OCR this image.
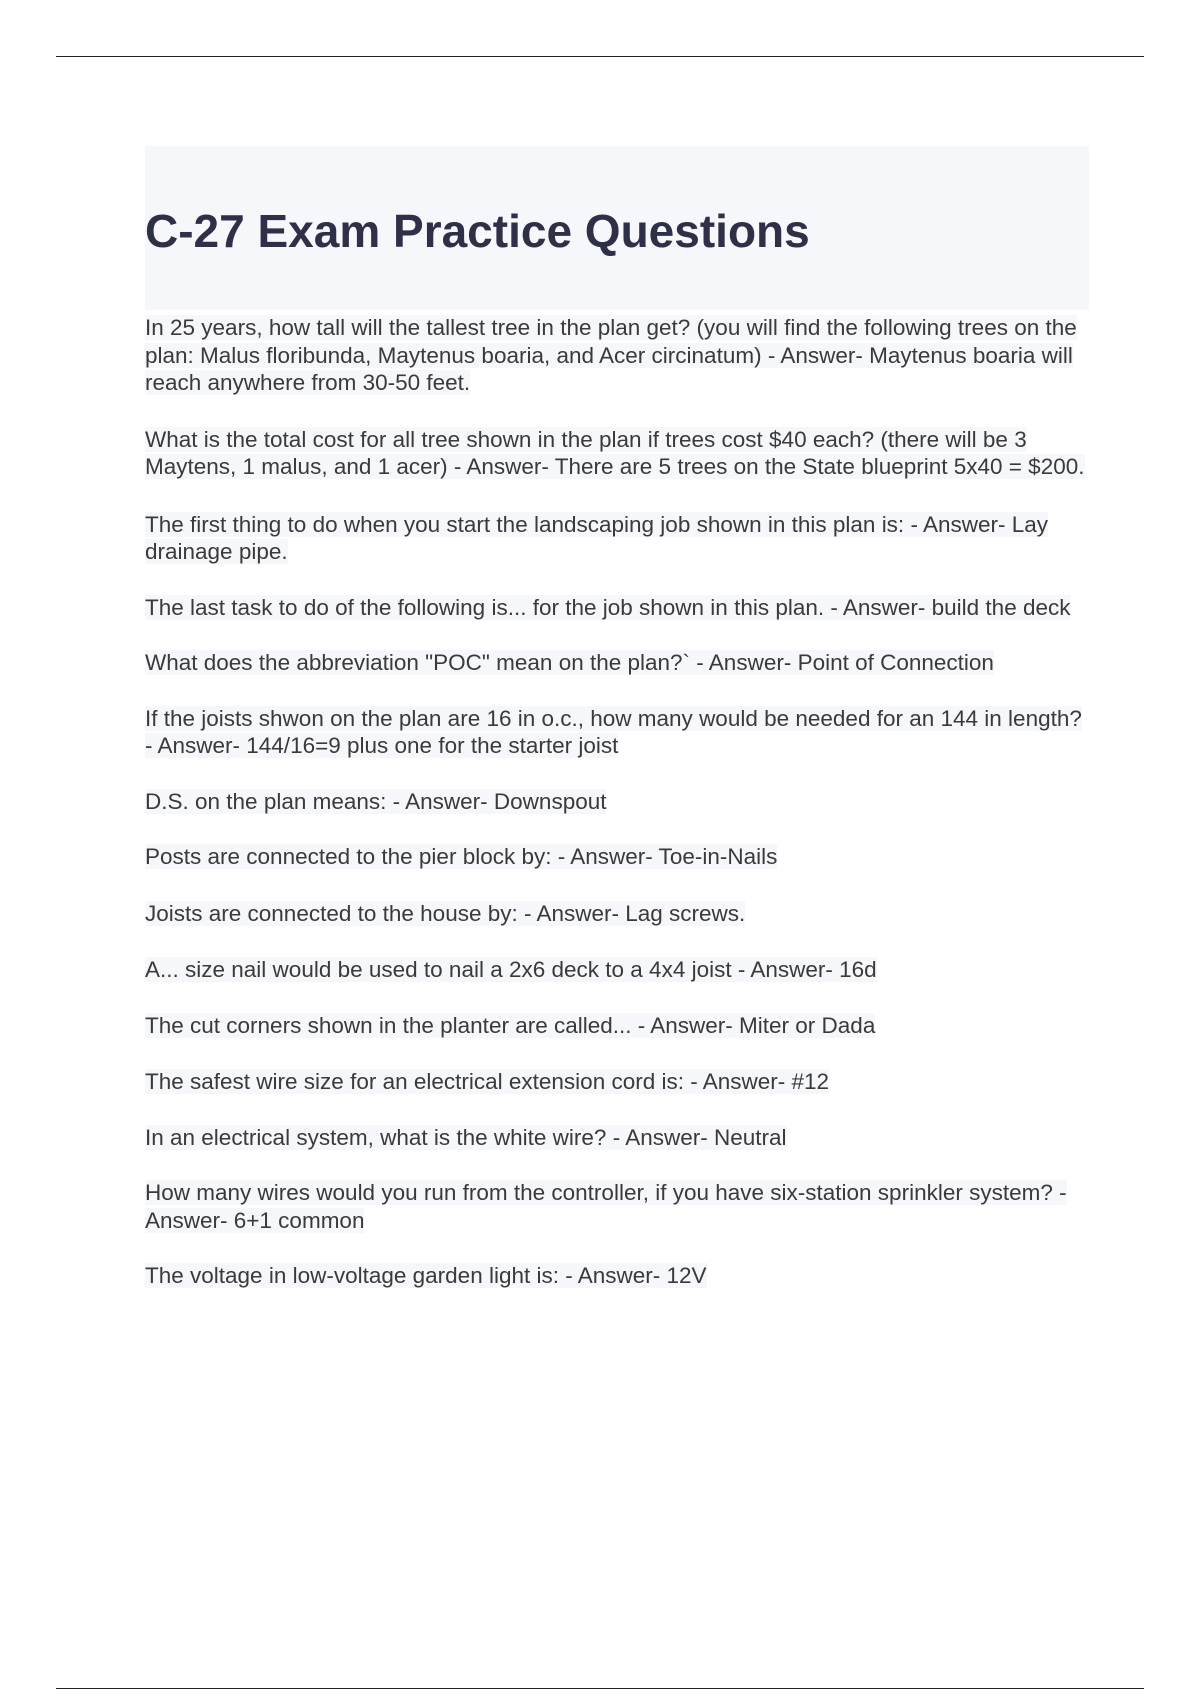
C-27 Exam Practice Questions

In 25 years, how tall will the tallest tree in the plan get? (you will find the following trees on the plan: Malus floribunda, Maytenus boaria, and Acer circinatum) - Answer- Maytenus boaria will reach anywhere from 30-50 feet.

What is the total cost for all tree shown in the plan if trees cost $40 each? (there will be 3 Maytens, 1 malus, and 1 acer) - Answer- There are 5 trees on the State blueprint 5x40 = $200.

The first thing to do when you start the landscaping job shown in this plan is: - Answer- Lay drainage pipe.

The last task to do of the following is... for the job shown in this plan. - Answer- build the deck

What does the abbreviation "POC" mean on the plan?` - Answer- Point of Connection

If the joists shwon on the plan are 16 in o.c., how many would be needed for an 144 in length? - Answer- 144/16=9 plus one for the starter joist

D.S. on the plan means: - Answer- Downspout

Posts are connected to the pier block by: - Answer- Toe-in-Nails

Joists are connected to the house by: - Answer- Lag screws.

A... size nail would be used to nail a 2x6 deck to a 4x4 joist - Answer- 16d

The cut corners shown in the planter are called... - Answer- Miter or Dada

The safest wire size for an electrical extension cord is: - Answer- #12

In an electrical system, what is the white wire? - Answer- Neutral

How many wires would you run from the controller, if you have six-station sprinkler system? - Answer- 6+1 common

The voltage in low-voltage garden light is: - Answer- 12V
